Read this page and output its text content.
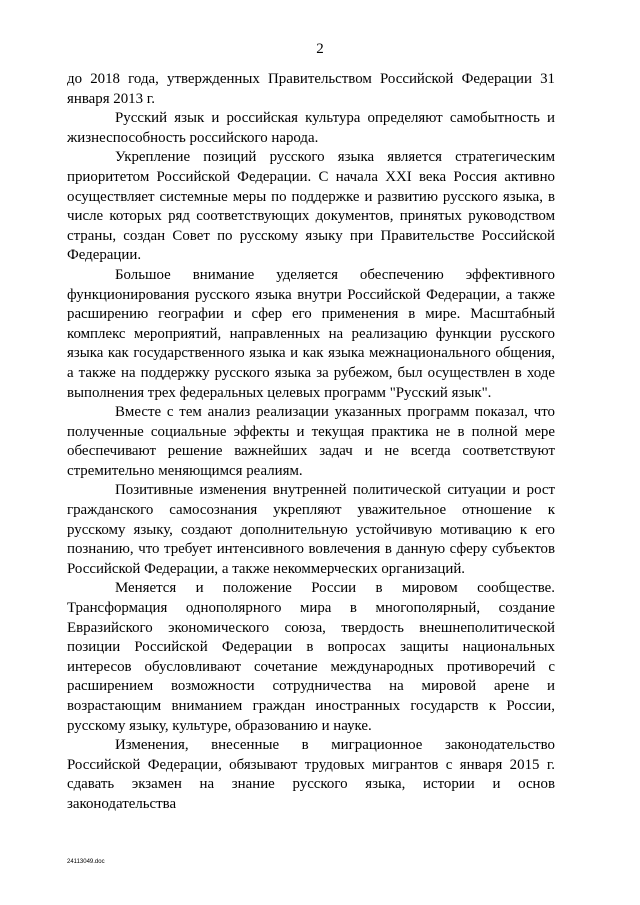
2

до 2018 года, утвержденных Правительством Российской Федерации 31 января 2013 г.

Русский язык и российская культура определяют самобытность и жизнеспособность российского народа.

Укрепление позиций русского языка является стратегическим приоритетом Российской Федерации. С начала XXI века Россия активно осуществляет системные меры по поддержке и развитию русского языка, в числе которых ряд соответствующих документов, принятых руководством страны, создан Совет по русскому языку при Правительстве Российской Федерации.

Большое внимание уделяется обеспечению эффективного функционирования русского языка внутри Российской Федерации, а также расширению географии и сфер его применения в мире. Масштабный комплекс мероприятий, направленных на реализацию функции русского языка как государственного языка и как языка межнационального общения, а также на поддержку русского языка за рубежом, был осуществлен в ходе выполнения трех федеральных целевых программ "Русский язык".

Вместе с тем анализ реализации указанных программ показал, что полученные социальные эффекты и текущая практика не в полной мере обеспечивают решение важнейших задач и не всегда соответствуют стремительно меняющимся реалиям.

Позитивные изменения внутренней политической ситуации и рост гражданского самосознания укрепляют уважительное отношение к русскому языку, создают дополнительную устойчивую мотивацию к его познанию, что требует интенсивного вовлечения в данную сферу субъектов Российской Федерации, а также некоммерческих организаций.

Меняется и положение России в мировом сообществе. Трансформация однополярного мира в многополярный, создание Евразийского экономического союза, твердость внешнеполитической позиции Российской Федерации в вопросах защиты национальных интересов обусловливают сочетание международных противоречий с расширением возможности сотрудничества на мировой арене и возрастающим вниманием граждан иностранных государств к России, русскому языку, культуре, образованию и науке.

Изменения, внесенные в миграционное законодательство Российской Федерации, обязывают трудовых мигрантов с января 2015 г. сдавать экзамен на знание русского языка, истории и основ законодательства

24113049.doc
